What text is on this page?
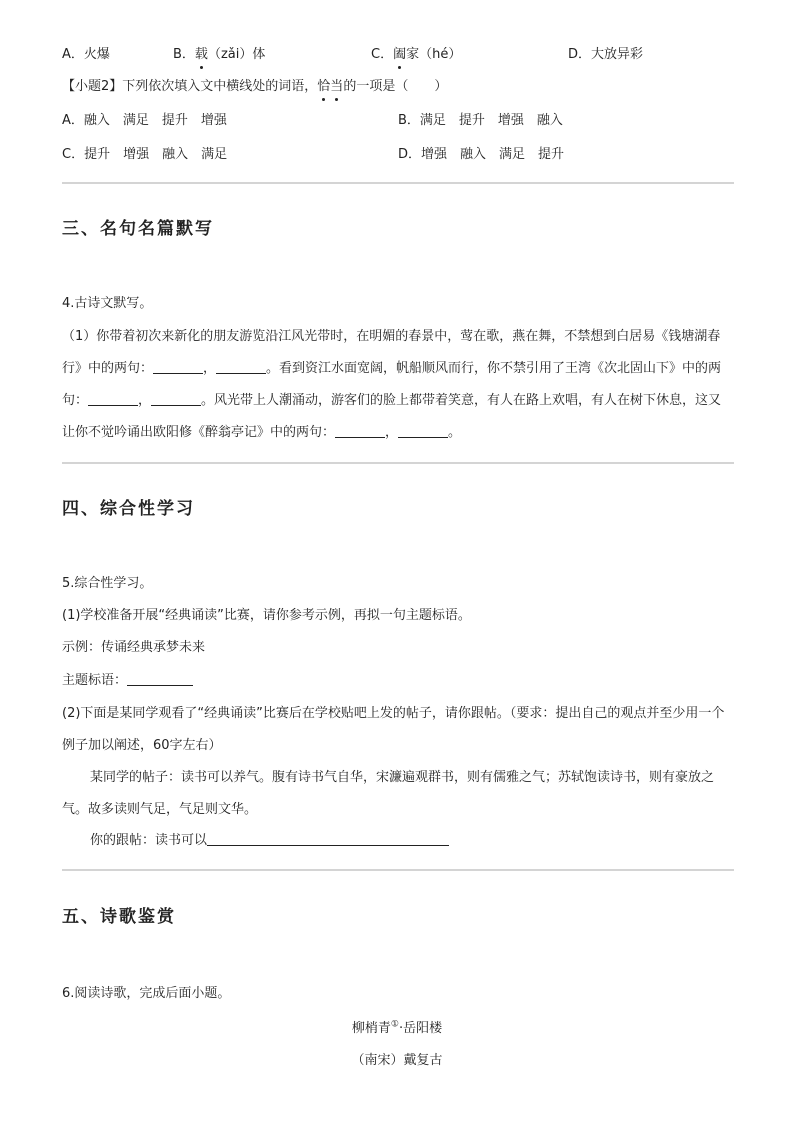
A．火爆	B．载（zǎi）体	C．阖家（hé）	D．大放异彩
【小题2】下列依次填入文中横线处的词语，恰当的一项是（　　）
A．融入　满足　提升　增强	B．满足　提升　增强　融入
C．提升　增强　融入　满足	D．增强　融入　满足　提升
三、名句名篇默写
4.古诗文默写。
（1）你带着初次来新化的朋友游览沿江风光带时，在明媚的春景中，莺在歌，燕在舞，不禁想到白居易《钱塘湖春行》中的两句：	，	。看到资江水面宽阔，帆船顺风而行，你不禁引用了王湾《次北固山下》中的两句：	，	。风光带上人潮涌动，游客们的脸上都带着笑意，有人在路上欢唱，有人在树下休息，这又让你不觉吟诵出欧阳修《醉翁亭记》中的两句：	，	。
四、综合性学习
5.综合性学习。
(1)学校准备开展“经典诵读”比赛，请你参考示例，再拟一句主题标语。
示例：传诵经典承梦未来
主题标语：
(2)下面是某同学观看了“经典诵读”比赛后在学校贴吧上发的帖子，请你跟帖。（要求：提出自己的观点并至少用一个例子加以阐述，60字左右）
某同学的帖子：读书可以养气。腹有诗书气自华，宋濂遍观群书，则有儒雅之气；苏轼饱读诗书，则有豪放之气。故多读则气足，气足则文华。
你的跟帖：读书可以
五、诗歌鉴赏
6.阅读诗歌，完成后面小题。
柳梢青①·岳阳楼
（南宋）戴复古
